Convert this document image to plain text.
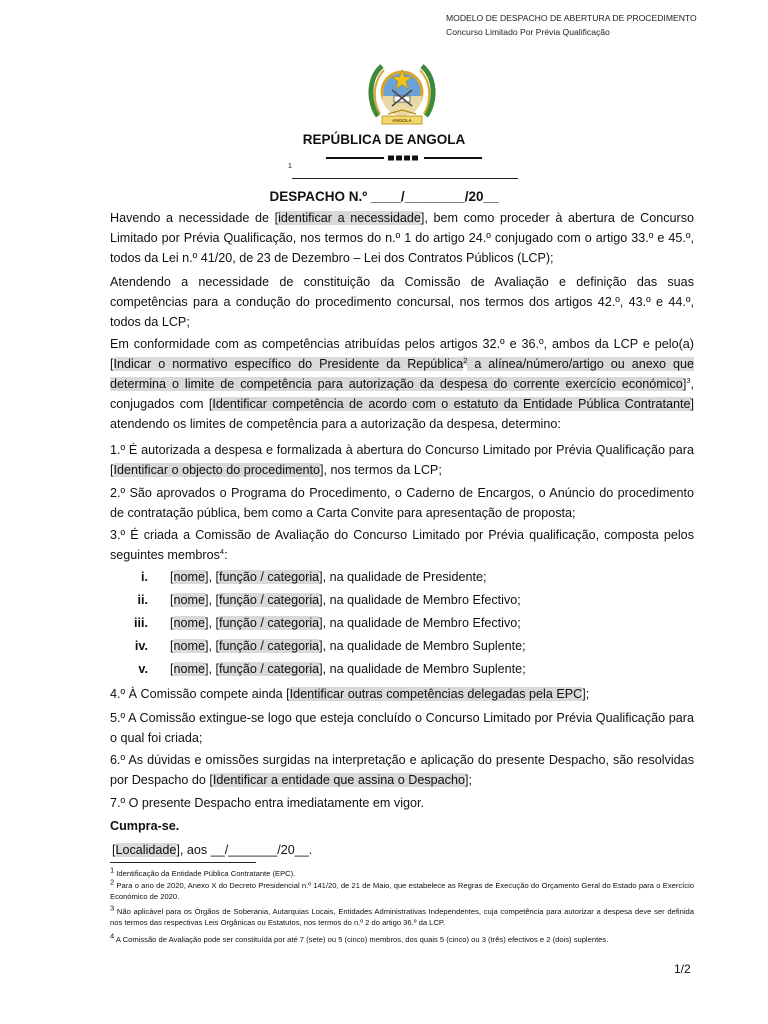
MODELO DE DESPACHO DE ABERTURA DE PROCEDIMENTO
Concurso Limitado Por Prévia Qualificação
ANGOLA
REPÚBLICA DE ANGOLA
1
DESPACHO N.º ____/________/20__
Havendo a necessidade de [identificar a necessidade], bem como proceder à abertura de Concurso Limitado por Prévia Qualificação, nos termos do n.º 1 do artigo 24.º conjugado com o artigo 33.º e 45.º, todos da Lei n.º 41/20, de 23 de Dezembro – Lei dos Contratos Públicos (LCP);
Atendendo a necessidade de constituição da Comissão de Avaliação e definição das suas competências para a condução do procedimento concursal, nos termos dos artigos 42.º, 43.º e 44.º, todos da LCP;
Em conformidade com as competências atribuídas pelos artigos 32.º e 36.º, ambos da LCP e pelo(a) [Indicar o normativo específico do Presidente da República$^2$ a alínea/número/artigo ou anexo que determina o limite de competência para autorização da despesa do corrente exercício económico]$^3$, conjugados com [Identificar competência de acordo com o estatuto da Entidade Pública Contratante] atendendo os limites de competência para a autorização da despesa, determino:
1.º É autorizada a despesa e formalizada à abertura do Concurso Limitado por Prévia Qualificação para [Identificar o objecto do procedimento], nos termos da LCP;
2.º São aprovados o Programa do Procedimento, o Caderno de Encargos, o Anúncio do procedimento de contratação pública, bem como a Carta Convite para apresentação de proposta;
3.º É criada a Comissão de Avaliação do Concurso Limitado por Prévia qualificação, composta pelos seguintes membros$^4$:
i. [nome], [função / categoria], na qualidade de Presidente;
ii. [nome], [função / categoria], na qualidade de Membro Efectivo;
iii. [nome], [função / categoria], na qualidade de Membro Efectivo;
iv. [nome], [função / categoria], na qualidade de Membro Suplente;
v. [nome], [função / categoria], na qualidade de Membro Suplente;
4.º À Comissão compete ainda [Identificar outras competências delegadas pela EPC];
5.º A Comissão extingue-se logo que esteja concluído o Concurso Limitado por Prévia Qualificação para o qual foi criada;
6.º As dúvidas e omissões surgidas na interpretação e aplicação do presente Despacho, são resolvidas por Despacho do [Identificar a entidade que assina o Despacho];
7.º O presente Despacho entra imediatamente em vigor.
Cumpra-se.
[Localidade], aos __/_______/20__.
$^1$ Identificação da Entidade Pública Contratante (EPC).
$^2$ Para o ano de 2020, Anexo X do Decreto Presidencial n.º 141/20, de 21 de Maio, que estabelece as Regras de Execução do Orçamento Geral do Estado para o Exercício Económico de 2020.
$^3$ Não aplicável para os Órgãos de Soberania, Autarquias Locais, Entidades Administrativas Independentes, cuja competência para autorizar a despesa deve ser definida nos termos das respectivas Leis Orgânicas ou Estatutos, nos termos do n.º 2 do artigo 36.º da LCP.
$^4$ A Comissão de Avaliação pode ser constituída por até 7 (sete) ou 5 (cinco) membros, dos quais 5 (cinco) ou 3 (três) efectivos e 2 (dois) suplentes.
1/2
